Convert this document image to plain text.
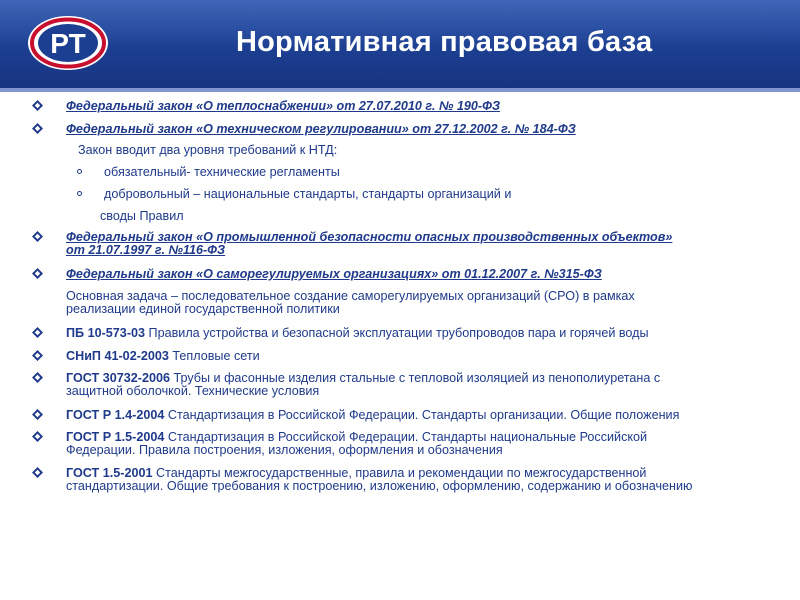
РТ	Нормативная правовая база
Федеральный закон «О теплоснабжении» от 27.07.2010 г. № 190-ФЗ
Федеральный закон «О техническом регулировании» от 27.12.2002 г. № 184-ФЗ
Закон вводит два уровня требований к НТД:
обязательный- технические регламенты
добровольный – национальные стандарты, стандарты организаций и
своды Правил
Федеральный закон «О промышленной безопасности опасных производственных объектов»
от 21.07.1997 г. №116-ФЗ
Федеральный закон «О саморегулируемых организациях» от 01.12.2007 г. №315-ФЗ
Основная задача – последовательное создание саморегулируемых организаций (СРО) в рамках
реализации единой государственной политики
ПБ 10-573-03 Правила устройства и безопасной эксплуатации трубопроводов пара и горячей воды
СНиП 41-02-2003 Тепловые сети
ГОСТ 30732-2006 Трубы и фасонные изделия стальные с тепловой изоляцией из пенополиуретана с
защитной оболочкой. Технические условия
ГОСТ Р 1.4-2004 Стандартизация в Российской Федерации. Стандарты организации. Общие положения
ГОСТ Р 1.5-2004 Стандартизация в Российской Федерации. Стандарты национальные Российской
Федерации. Правила построения, изложения, оформления и обозначения
ГОСТ 1.5-2001 Стандарты межгосударственные, правила и рекомендации по межгосударственной
стандартизации. Общие требования к построению, изложению, оформлению, содержанию и обозначению
